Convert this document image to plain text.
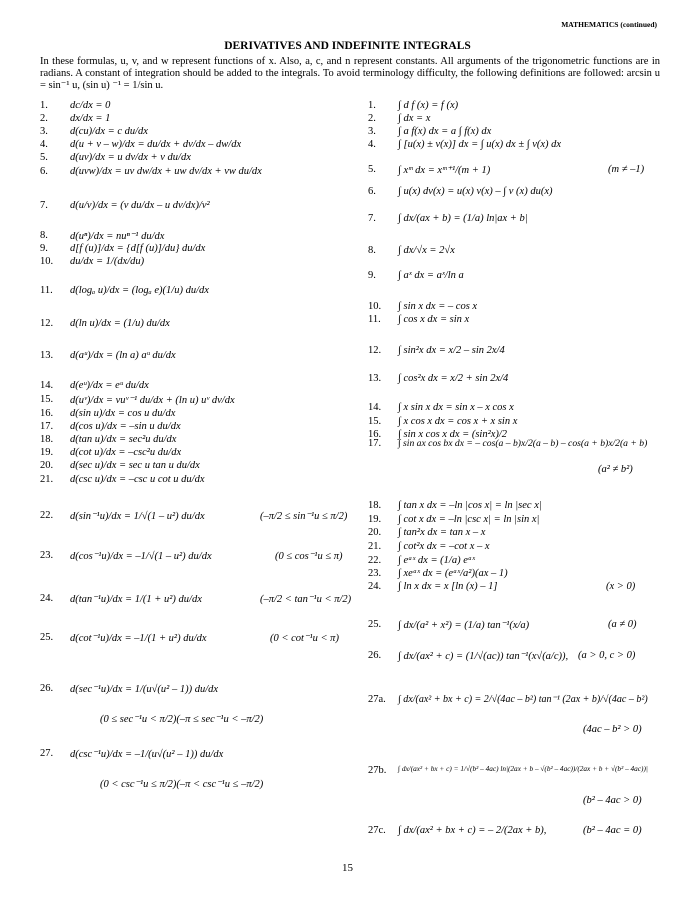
MATHEMATICS (continued)
DERIVATIVES AND INDEFINITE INTEGRALS
In these formulas, u, v, and w represent functions of x. Also, a, c, and n represent constants. All arguments of the trigonometric functions are in radians. A constant of integration should be added to the integrals. To avoid terminology difficulty, the following definitions are followed: arcsin u = sin⁻¹ u, (sin u) ⁻¹ = 1/sin u.
1. dc/dx = 0
2. dx/dx = 1
3. d(cu)/dx = c du/dx
4. d(u + v – w)/dx = du/dx + dv/dx – dw/dx
5. d(uv)/dx = u dv/dx + v du/dx
6. d(uvw)/dx = uv dw/dx + uw dv/dx + vw du/dx
7. d(u/v)/dx = (v du/dx – u dv/dx)/v²
8. d(uⁿ)/dx = nuⁿ⁻¹ du/dx
9. d[f (u)]/dx = {d[f (u)]/du} du/dx
10. du/dx = 1/(dx/du)
11. d(logₐ u)/dx = (logₐ e)(1/u) du/dx
12. d(ln u)/dx = (1/u) du/dx
13. d(aᵘ)/dx = (ln a) aᵘ du/dx
14. d(eᵘ)/dx = eᵘ du/dx
15. d(uᵛ)/dx = vuᵛ⁻¹ du/dx + (ln u) uᵛ dv/dx
16. d(sin u)/dx = cos u du/dx
17. d(cos u)/dx = –sin u du/dx
18. d(tan u)/dx = sec²u du/dx
19. d(cot u)/dx = –csc²u du/dx
20. d(sec u)/dx = sec u tan u du/dx
21. d(csc u)/dx = –csc u cot u du/dx
22. d(sin⁻¹u)/dx = 1/√(1 – u²) du/dx	(–π/2 ≤ sin⁻¹u ≤ π/2)
23. d(cos⁻¹u)/dx = –1/√(1 – u²) du/dx	(0 ≤ cos⁻¹u ≤ π)
24. d(tan⁻¹u)/dx = 1/(1 + u²) du/dx	(–π/2 < tan⁻¹u < π/2)
25. d(cot⁻¹u)/dx = –1/(1 + u²) du/dx	(0 < cot⁻¹u < π)
26. d(sec⁻¹u)/dx = 1/(u√(u² – 1)) du/dx
(0 ≤ sec⁻¹u < π/2)(–π ≤ sec⁻¹u < –π/2)
27. d(csc⁻¹u)/dx = –1/(u√(u² – 1)) du/dx
(0 < csc⁻¹u ≤ π/2)(–π < csc⁻¹u ≤ –π/2)
1. ∫ d f (x) = f (x)
2. ∫ dx = x
3. ∫ a f(x) dx = a ∫ f(x) dx
4. ∫ [u(x) ± v(x)] dx = ∫ u(x) dx ± ∫ v(x) dx
5. ∫ xᵐ dx = xᵐ⁺¹/(m + 1)	(m ≠ –1)
6. ∫ u(x) dv(x) = u(x) v(x) – ∫ v (x) du(x)
7. ∫ dx/(ax + b) = (1/a) ln|ax + b|
8. ∫ dx/√x = 2√x
9. ∫ aˣ dx = aˣ/ln a
10. ∫ sin x dx = – cos x
11. ∫ cos x dx = sin x
12. ∫ sin²x dx = x/2 – sin 2x/4
13. ∫ cos²x dx = x/2 + sin 2x/4
14. ∫ x sin x dx = sin x – x cos x
15. ∫ x cos x dx = cos x + x sin x
16. ∫ sin x cos x dx = (sin²x)/2
17. ∫ sin ax cos bx dx = – cos(a – b)x/2(a – b) – cos(a + b)x/2(a + b)
(a² ≠ b²)
18. ∫ tan x dx = –ln |cos x| = ln |sec x|
19. ∫ cot x dx = –ln |csc x| = ln |sin x|
20. ∫ tan²x dx = tan x – x
21. ∫ cot²x dx = –cot x – x
22. ∫ eᵃˣ dx = (1/a) eᵃˣ
23. ∫ xeᵃˣ dx = (eᵃˣ/a²)(ax – 1)
24. ∫ ln x dx = x [ln (x) – 1]	(x > 0)
25. ∫ dx/(a² + x²) = (1/a) tan⁻¹(x/a)	(a ≠ 0)
26. ∫ dx/(ax² + c) = (1/√(ac)) tan⁻¹(x√(a/c)), (a > 0, c > 0)
27a. ∫ dx/(ax² + bx + c) = 2/√(4ac – b²) tan⁻¹ (2ax + b)/√(4ac – b²)
(4ac – b² > 0)
27b. ∫ dx/(ax² + bx + c) = 1/√(b² – 4ac) ln|(2ax + b – √(b² – 4ac))/(2ax + b + √(b² – 4ac))|
(b² – 4ac > 0)
27c. ∫ dx/(ax² + bx + c) = – 2/(2ax + b),	(b² – 4ac = 0)
15
